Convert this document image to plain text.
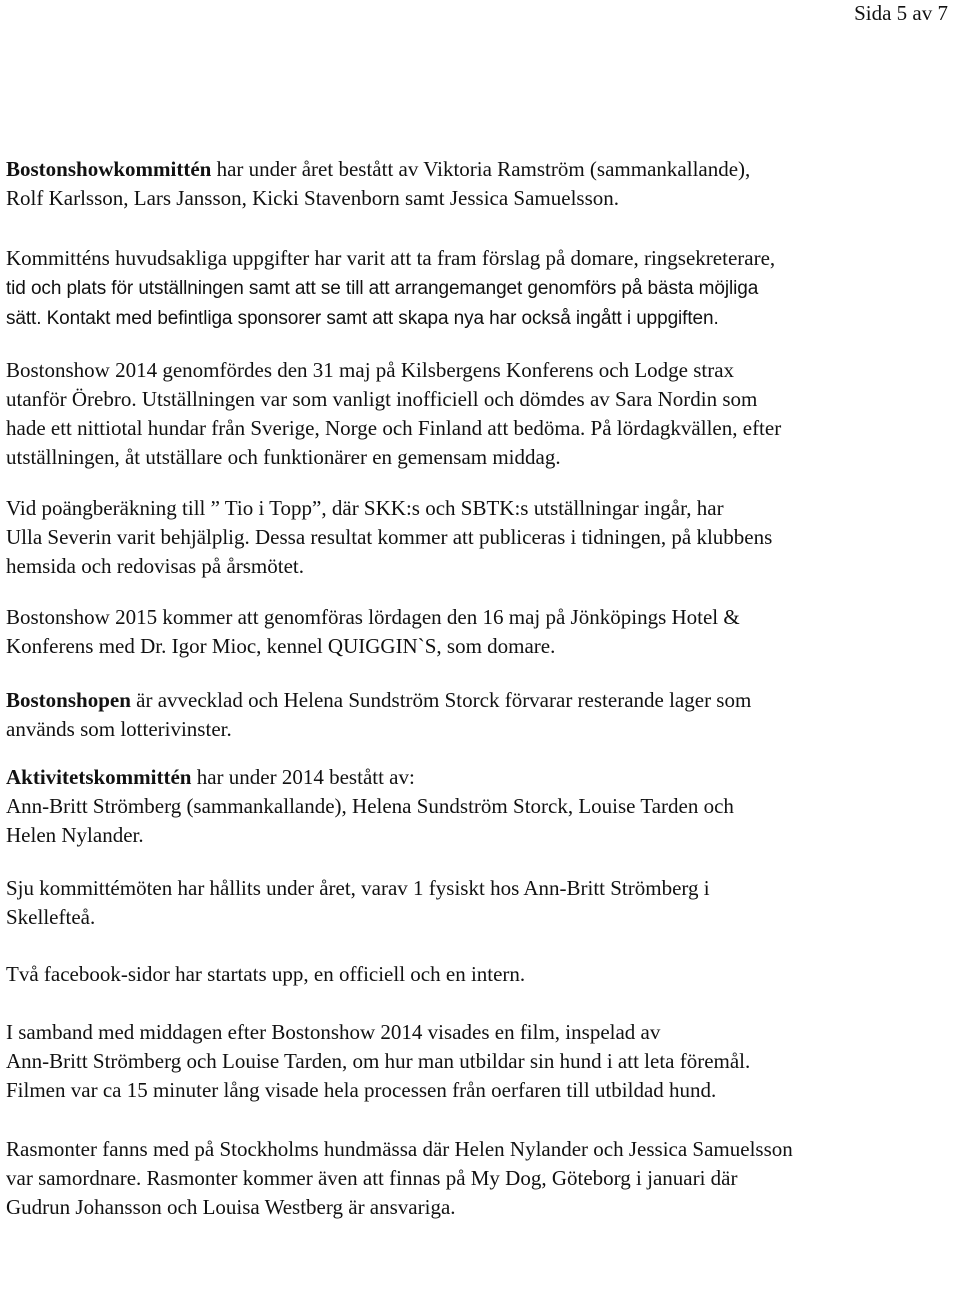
Sida 5 av 7

Bostonshowkommittén har under året bestått av Viktoria Ramström (sammankallande),
Rolf Karlsson, Lars Jansson, Kicki Stavenborn samt Jessica Samuelsson.

Kommitténs huvudsakliga uppgifter har varit att ta fram förslag på domare, ringsekreterare,
tid och plats för utställningen samt att se till att arrangemanget genomförs på bästa möjliga
sätt. Kontakt med befintliga sponsorer samt att skapa nya har också ingått i uppgiften.

Bostonshow 2014 genomfördes den 31 maj på Kilsbergens Konferens och Lodge strax
utanför Örebro. Utställningen var som vanligt inofficiell och dömdes av Sara Nordin som
hade ett nittiotal hundar från Sverige, Norge och Finland att bedöma. På lördagkvällen, efter
utställningen, åt utställare och funktionärer en gemensam middag.

Vid poängberäkning till ” Tio i Topp”, där SKK:s och SBTK:s utställningar ingår, har
Ulla Severin varit behjälplig. Dessa resultat kommer att publiceras i tidningen, på klubbens
hemsida och redovisas på årsmötet.

Bostonshow 2015 kommer att genomföras lördagen den 16 maj på Jönköpings Hotel &
Konferens med Dr. Igor Mioc, kennel QUIGGIN`S, som domare.

Bostonshopen är avvecklad och Helena Sundström Storck förvarar resterande lager som
används som lotterivinster.

Aktivitetskommittén har under 2014 bestått av:
Ann-Britt Strömberg (sammankallande), Helena Sundström Storck, Louise Tarden och
Helen Nylander.

Sju kommittémöten har hållits under året, varav 1 fysiskt hos Ann-Britt Strömberg i
Skellefteå.

Två facebook-sidor har startats upp, en officiell och en intern.

I samband med middagen efter Bostonshow 2014 visades en film, inspelad av
Ann-Britt Strömberg och Louise Tarden, om hur man utbildar sin hund i att leta föremål.
Filmen var ca 15 minuter lång visade hela processen från oerfaren till utbildad hund.

Rasmonter fanns med på Stockholms hundmässa där Helen Nylander och Jessica Samuelsson
var samordnare. Rasmonter kommer även att finnas på My Dog, Göteborg i januari där
Gudrun Johansson och Louisa Westberg är ansvariga.
